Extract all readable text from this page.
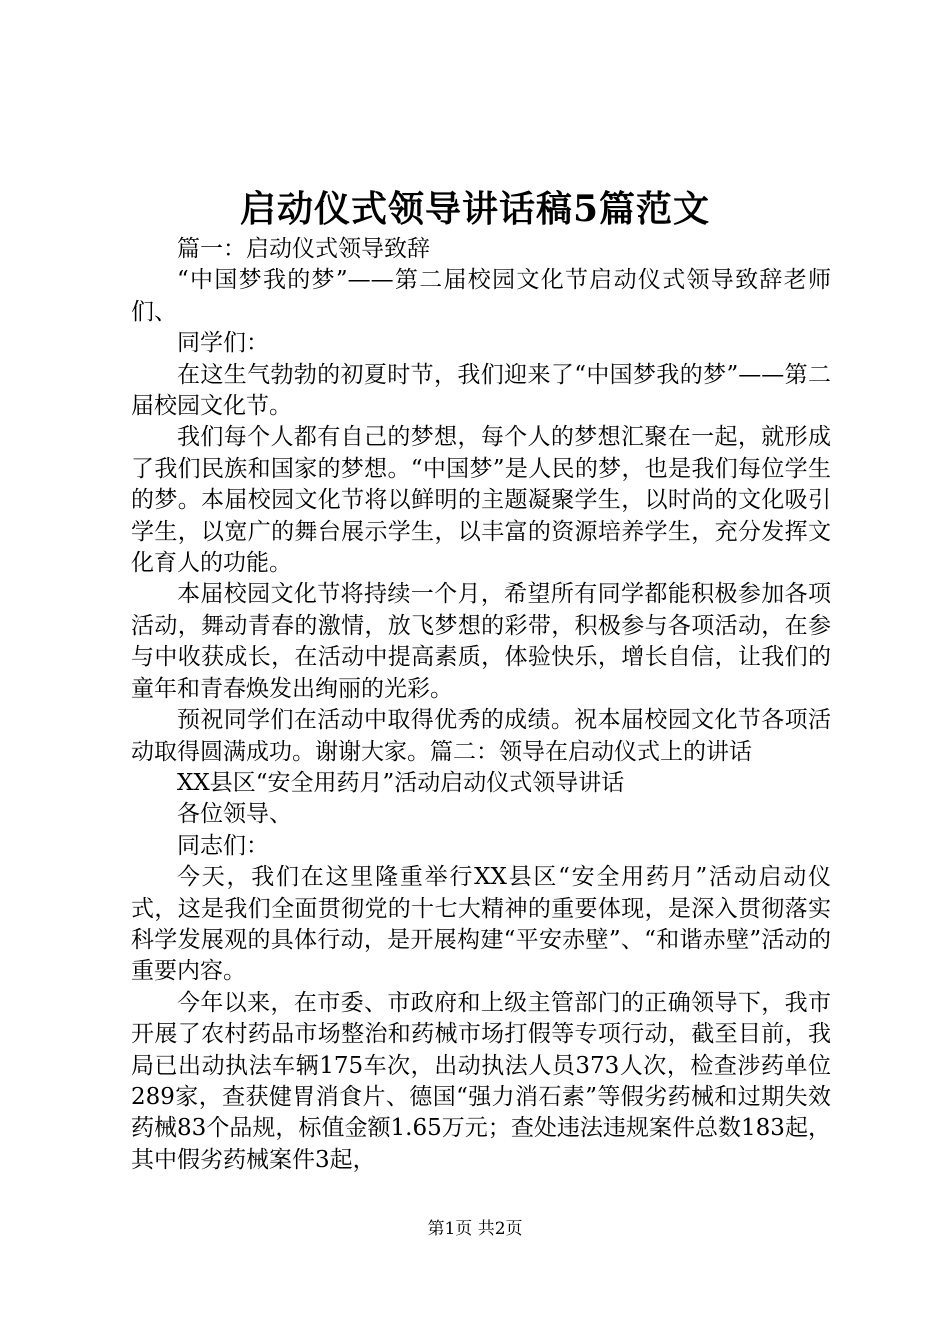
启动仪式领导讲话稿5篇范文

篇一：启动仪式领导致辞

“中国梦我的梦”——第二届校园文化节启动仪式领导致辞老师们、

同学们：

在这生气勃勃的初夏时节，我们迎来了“中国梦我的梦”——第二届校园文化节。

我们每个人都有自己的梦想，每个人的梦想汇聚在一起，就形成了我们民族和国家的梦想。“中国梦”是人民的梦，也是我们每位学生的梦。本届校园文化节将以鲜明的主题凝聚学生，以时尚的文化吸引学生，以宽广的舞台展示学生，以丰富的资源培养学生，充分发挥文化育人的功能。

本届校园文化节将持续一个月，希望所有同学都能积极参加各项活动，舞动青春的激情，放飞梦想的彩带，积极参与各项活动，在参与中收获成长，在活动中提高素质，体验快乐，增长自信，让我们的童年和青春焕发出绚丽的光彩。

预祝同学们在活动中取得优秀的成绩。祝本届校园文化节各项活动取得圆满成功。谢谢大家。篇二：领导在启动仪式上的讲话

XX县区“安全用药月”活动启动仪式领导讲话

各位领导、

同志们：

今天，我们在这里隆重举行XX县区“安全用药月”活动启动仪式，这是我们全面贯彻党的十七大精神的重要体现，是深入贯彻落实科学发展观的具体行动，是开展构建“平安赤壁”、“和谐赤壁”活动的重要内容。

今年以来，在市委、市政府和上级主管部门的正确领导下，我市开展了农村药品市场整治和药械市场打假等专项行动，截至目前，我局已出动执法车辆175车次，出动执法人员373人次，检查涉药单位289家，查获健胃消食片、德国“强力消石素”等假劣药械和过期失效药械83个品规，标值金额1.65万元；查处违法违规案件总数183起，其中假劣药械案件3起，

第1页 共2页
